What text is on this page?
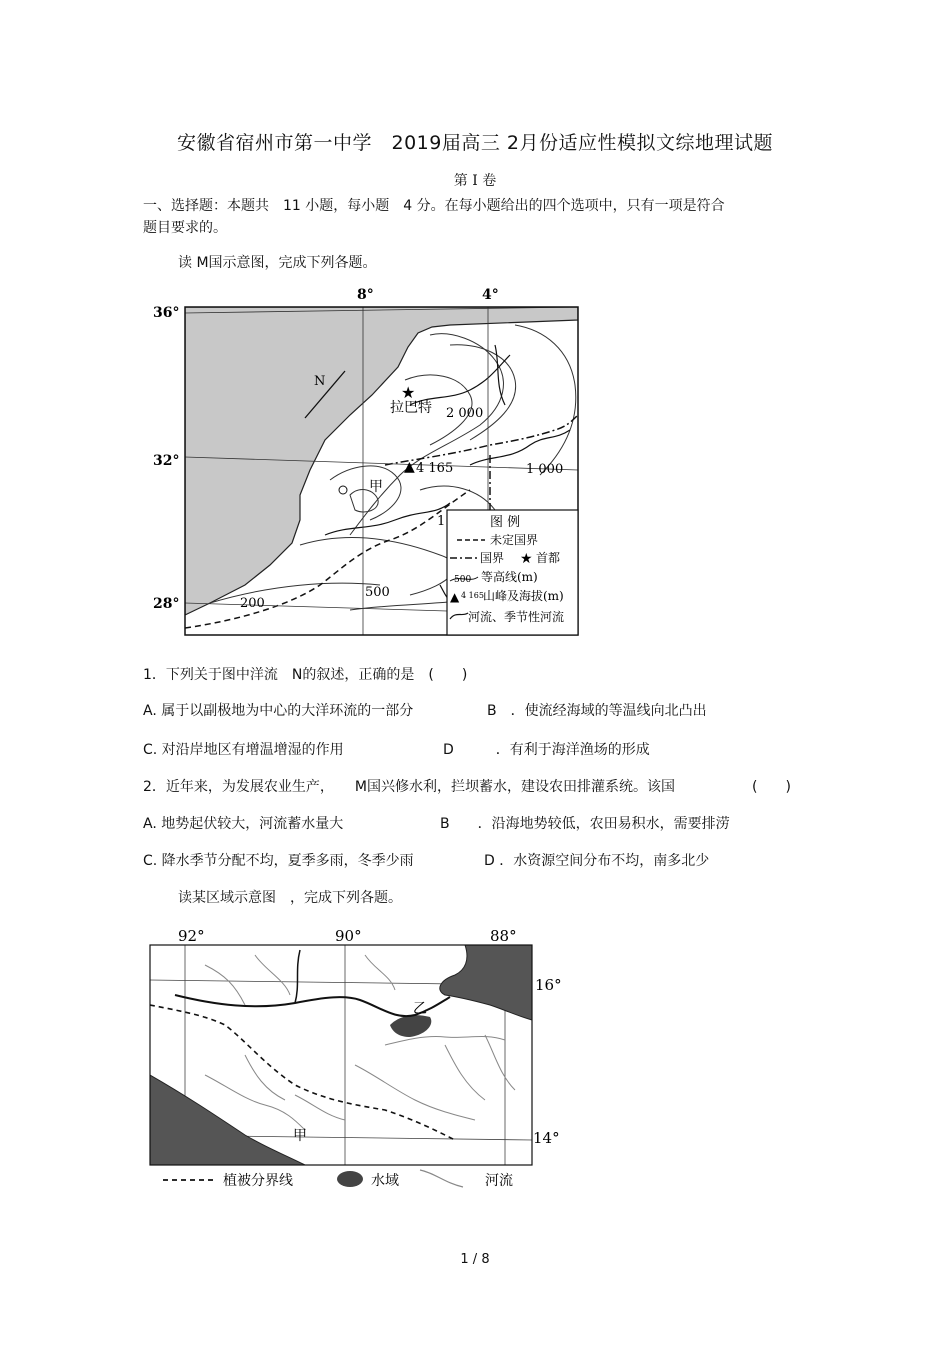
安徽省宿州市第一中学　2019届高三 2月份适应性模拟文综地理试题
第 I 卷
一、选择题：本题共　11 小题，每小题　4 分。在每小题给出的四个选项中，只有一项是符合
题目要求的。
读 M国示意图，完成下列各题。
8°	4°
36°
32°
28°
N
★
拉巴特 2 000
1 000
500
200
1
▲ 4 165
甲
图 例
未定国界
国界 ★ 首都
500 等高线(m)
▲ 4 165 山峰及海拔(m)
河流、季节性河流
1．下列关于图中洋流　N的叙述，正确的是　(　　)
A. 属于以副极地为中心的大洋环流的一部分	B　．使流经海域的等温线向北凸出
C. 对沿岸地区有增温增湿的作用	D　　　．有利于海洋渔场的形成
2．近年来，为发展农业生产，　　M国兴修水利，拦坝蓄水，建设农田排灌系统。该国	(　　)
A. 地势起伏较大，河流蓄水量大	B　　．沿海地势较低，农田易积水，需要排涝
C. 降水季节分配不均，夏季多雨，冬季少雨	D ．水资源空间分布不均，南多北少
读某区域示意图　，完成下列各题。
92°	90°	88°
16°
14°
乙
甲
植被分界线	水域	河流
1 / 8
